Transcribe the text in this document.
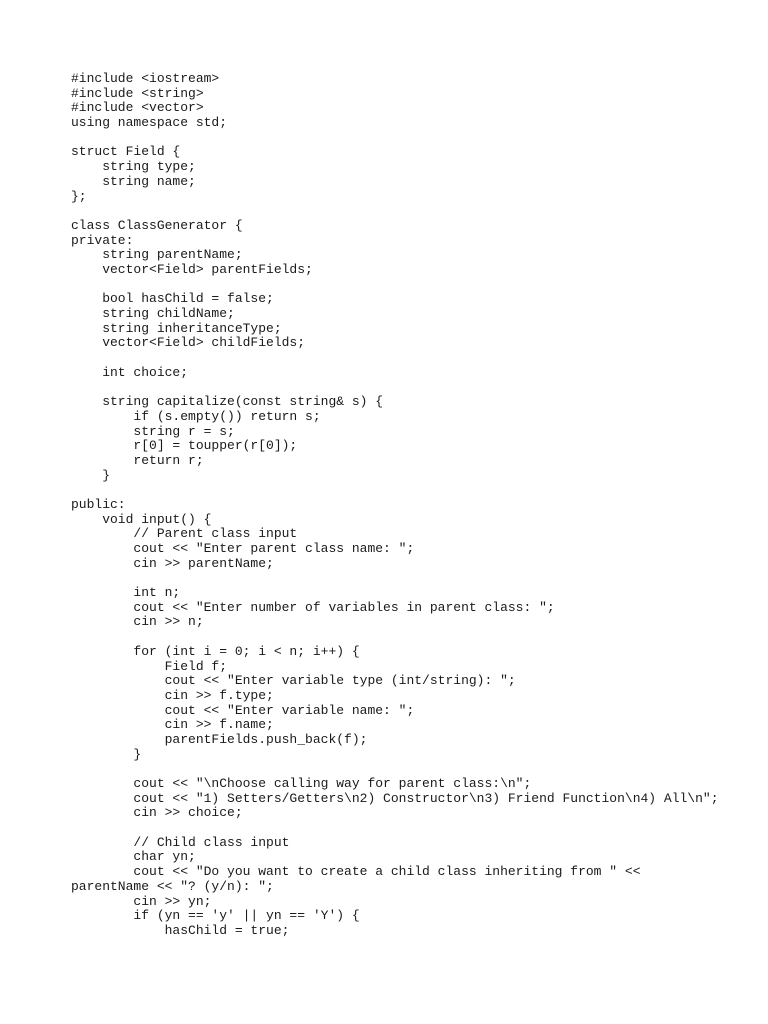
#include <iostream>
#include <string>
#include <vector>
using namespace std;
struct Field {
string type;
string name;
};
class ClassGenerator {
private:
string parentName;
vector<Field> parentFields;
bool hasChild = false;
string childName;
string inheritanceType;
vector<Field> childFields;
int choice;
string capitalize(const string& s) {
if (s.empty()) return s;
string r = s;
r[0] = toupper(r[0]);
return r;
}
public:
void input() {
// Parent class input
cout << "Enter parent class name: ";
cin >> parentName;
int n;
cout << "Enter number of variables in parent class: ";
cin >> n;
for (int i = 0; i < n; i++) {
Field f;
cout << "Enter variable type (int/string): ";
cin >> f.type;
cout << "Enter variable name: ";
cin >> f.name;
parentFields.push_back(f);
}
cout << "\nChoose calling way for parent class:\n";
cout << "1) Setters/Getters\n2) Constructor\n3) Friend Function\n4) All\n";
cin >> choice;
// Child class input
char yn;
cout << "Do you want to create a child class inheriting from " <<
parentName << "? (y/n): ";
cin >> yn;
if (yn == 'y' || yn == 'Y') {
hasChild = true;
